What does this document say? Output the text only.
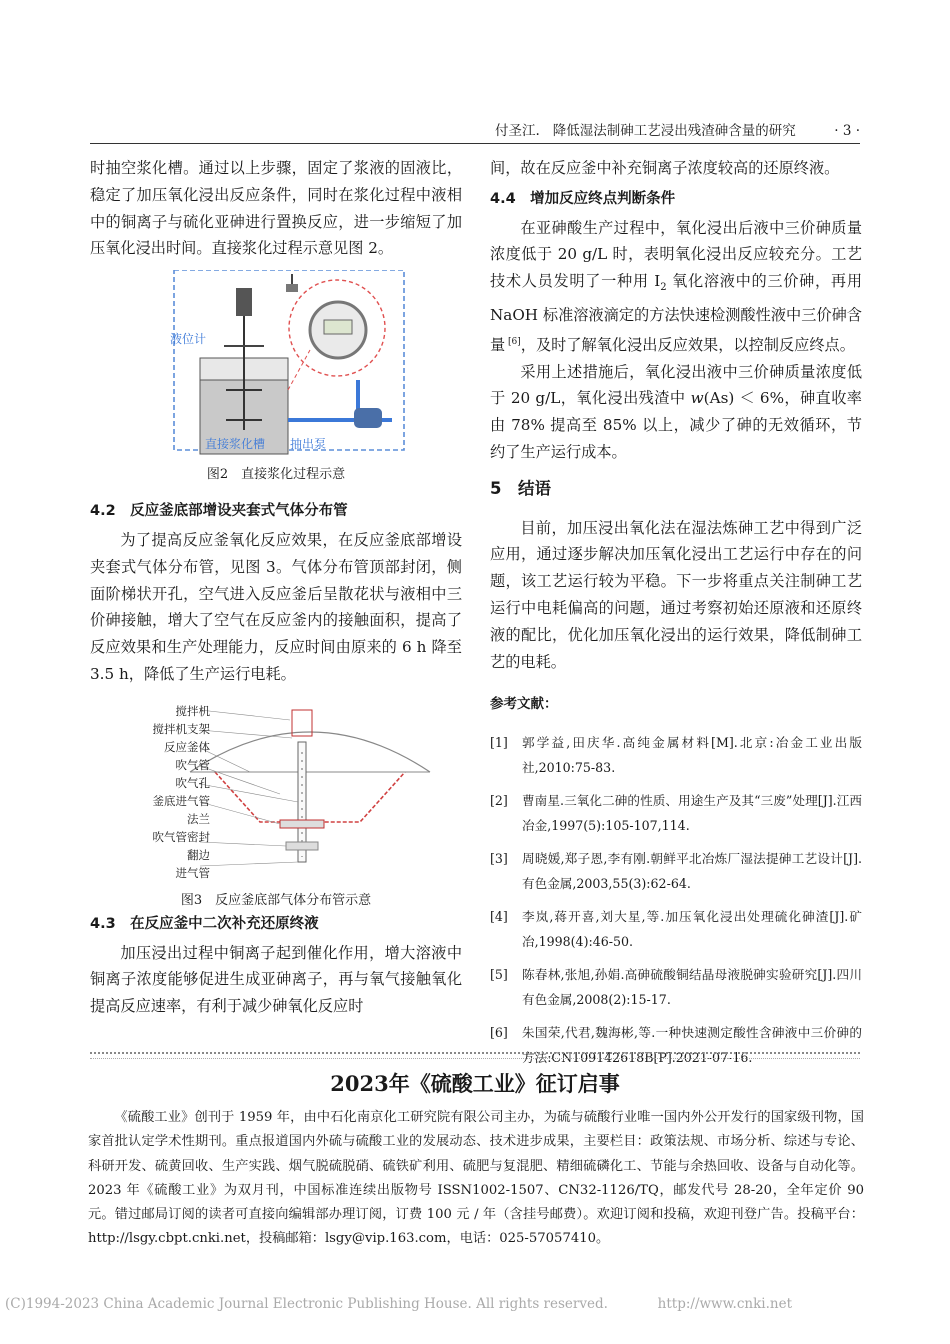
付圣江. 降低湿法制砷工艺浸出残渣砷含量的研究	· 3 ·

时抽空浆化槽。通过以上步骤，固定了浆液的固液比，稳定了加压氧化浸出反应条件，同时在浆化过程中液相中的铜离子与硫化亚砷进行置换反应，进一步缩短了加压氧化浸出时间。直接浆化过程示意见图 2。

液位计
直接浆化槽 抽出泵
图2　直接浆化过程示意
4.2　反应釜底部增设夹套式气体分布管

为了提高反应釜氧化反应效果，在反应釜底部增设夹套式气体分布管，见图 3。气体分布管顶部封闭，侧面阶梯状开孔，空气进入反应釜后呈散花状与液相中三价砷接触，增大了空气在反应釜内的接触面积，提高了反应效果和生产处理能力，反应时间由原来的 6 h 降至 3.5 h，降低了生产运行电耗。

搅拌机
搅拌机支架
反应釜体
吹气管
吹气孔
釜底进气管
法兰
吹气管密封
翻边
进气管
图3　反应釜底部气体分布管示意
4.3　在反应釜中二次补充还原终液

加压浸出过程中铜离子起到催化作用，增大溶液中铜离子浓度能够促进生成亚砷离子，再与氧气接触氧化提高反应速率，有利于减少砷氧化反应时

间，故在反应釜中补充铜离子浓度较高的还原终液。

4.4　增加反应终点判断条件

在亚砷酸生产过程中，氧化浸出后液中三价砷质量浓度低于 20 g/L 时，表明氧化浸出反应较充分。工艺技术人员发明了一种用 $I_2$ 氧化溶液中的三价砷，再用 NaOH 标准溶液滴定的方法快速检测酸性液中三价砷含量 [6]，及时了解氧化浸出反应效果，以控制反应终点。

采用上述措施后，氧化浸出液中三价砷质量浓度低于 20 g/L，氧化浸出残渣中 w(As) ＜ 6%，砷直收率由 78% 提高至 85% 以上，减少了砷的无效循环，节约了生产运行成本。

5　结语

目前，加压浸出氧化法在湿法炼砷工艺中得到广泛应用，通过逐步解决加压氧化浸出工艺运行中存在的问题，该工艺运行较为平稳。下一步将重点关注制砷工艺运行中电耗偏高的问题，通过考察初始还原液和还原终液的配比，优化加压氧化浸出的运行效果，降低制砷工艺的电耗。

参考文献：
[1]	郭学益,田庆华.高纯金属材料[M].北京:冶金工业出版社,2010:75-83.
[2]	曹南星.三氧化二砷的性质、用途生产及其“三废”处理[J].江西冶金,1997(5):105-107,114.
[3]	周晓媛,郑子恩,李有刚.朝鲜平北冶炼厂湿法提砷工艺设计[J].有色金属,2003,55(3):62-64.
[4]	李岚,蒋开喜,刘大星,等.加压氧化浸出处理硫化砷渣[J].矿冶,1998(4):46-50.
[5]	陈春林,张旭,孙娟.高砷硫酸铜结晶母液脱砷实验研究[J].四川有色金属,2008(2):15-17.
[6]	朱国荣,代君,魏海彬,等.一种快速测定酸性含砷液中三价砷的方法:CN109142618B[P].2021-07-16.
2023年《硫酸工业》征订启事

《硫酸工业》创刊于 1959 年，由中石化南京化工研究院有限公司主办，为硫与硫酸行业唯一国内外公开发行的国家级刊物，国家首批认定学术性期刊。重点报道国内外硫与硫酸工业的发展动态、技术进步成果，主要栏目：政策法规、市场分析、综述与专论、科研开发、硫黄回收、生产实践、烟气脱硫脱硝、硫铁矿利用、硫肥与复混肥、精细硫磷化工、节能与余热回收、设备与自动化等。2023 年《硫酸工业》为双月刊，中国标准连续出版物号 ISSN1002-1507、CN32-1126/TQ，邮发代号 28-20，全年定价 90 元。错过邮局订阅的读者可直接向编辑部办理订阅，订费 100 元 / 年（含挂号邮费）。欢迎订阅和投稿，欢迎刊登广告。投稿平台：http://lsgy.cbpt.cnki.net，投稿邮箱：lsgy@vip.163.com，电话：025-57057410。

(C)1994-2023 China Academic Journal Electronic Publishing House. All rights reserved.	http://www.cnki.net
